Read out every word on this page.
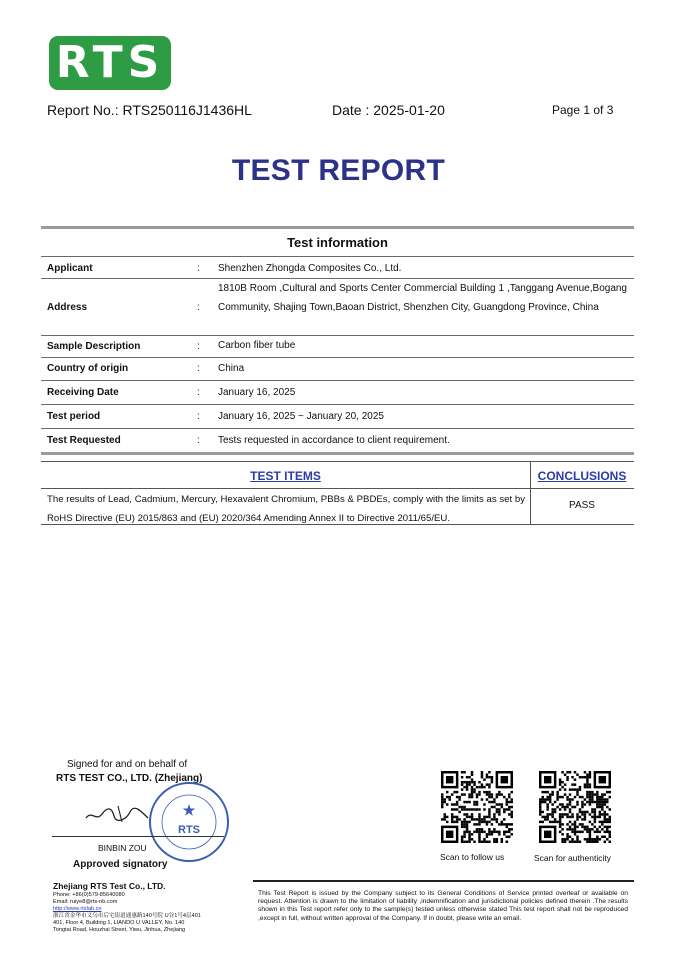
RTS
Report No.: RTS250116J1436HL	Date : 2025-01-20	Page 1 of 3
TEST REPORT
Test information
Applicant	: Shenzhen Zhongda Composites Co., Ltd.
Address	:
1810B Room ,Cultural and Sports Center Commercial Building 1 ,Tanggang Avenue,Bogang Community, Shajing Town,Baoan District, Shenzhen City, Guangdong Province, China
Sample Description	: Carbon fiber tube
Country of origin	: China
Receiving Date	: January 16, 2025
Test period	: January 16, 2025 ~ January 20, 2025
Test Requested	: Tests requested in accordance to client requirement.
TEST ITEMS	CONCLUSIONS
The results of Lead, Cadmium, Mercury, Hexavalent Chromium, PBBs & PBDEs, comply with the limits as set by RoHS Directive (EU) 2015/863 and (EU) 2020/364 Amending Annex II to Directive 2011/65/EU.
PASS
Signed for and on behalf of
RTS TEST CO., LTD. (Zhejiang)
★
RTS
BINBIN ZOU
Approved signatory
Zhejiang RTS Test Co., LTD.
Phone: +86(0)579-85640080
Email: ruiye8@rts-nb.com
http://www.rtslab.cn
浙江省金华市义乌市后宅街道通惠路140号院 U谷1号4层401
401, Floor 4, Building 1, LIANDO U VALLEY, No. 140
Tongtai Road, Houzhai Street, Yiwu, Jinhua, Zhejiang
Scan to follow us	Scan for authenticity
This Test Report is issued by the Company subject to its General Conditions of Service printed overleaf or available on request. Attention is drawn to the limitation of liability ,indemnification and jurisdictional policies defined therein .The results shown in this Test report refer only to the sample(s) tested unless otherwise stated This test report shall not be reproduced ,except in full, without written approval of the Company. If in doubt, please write an email.
